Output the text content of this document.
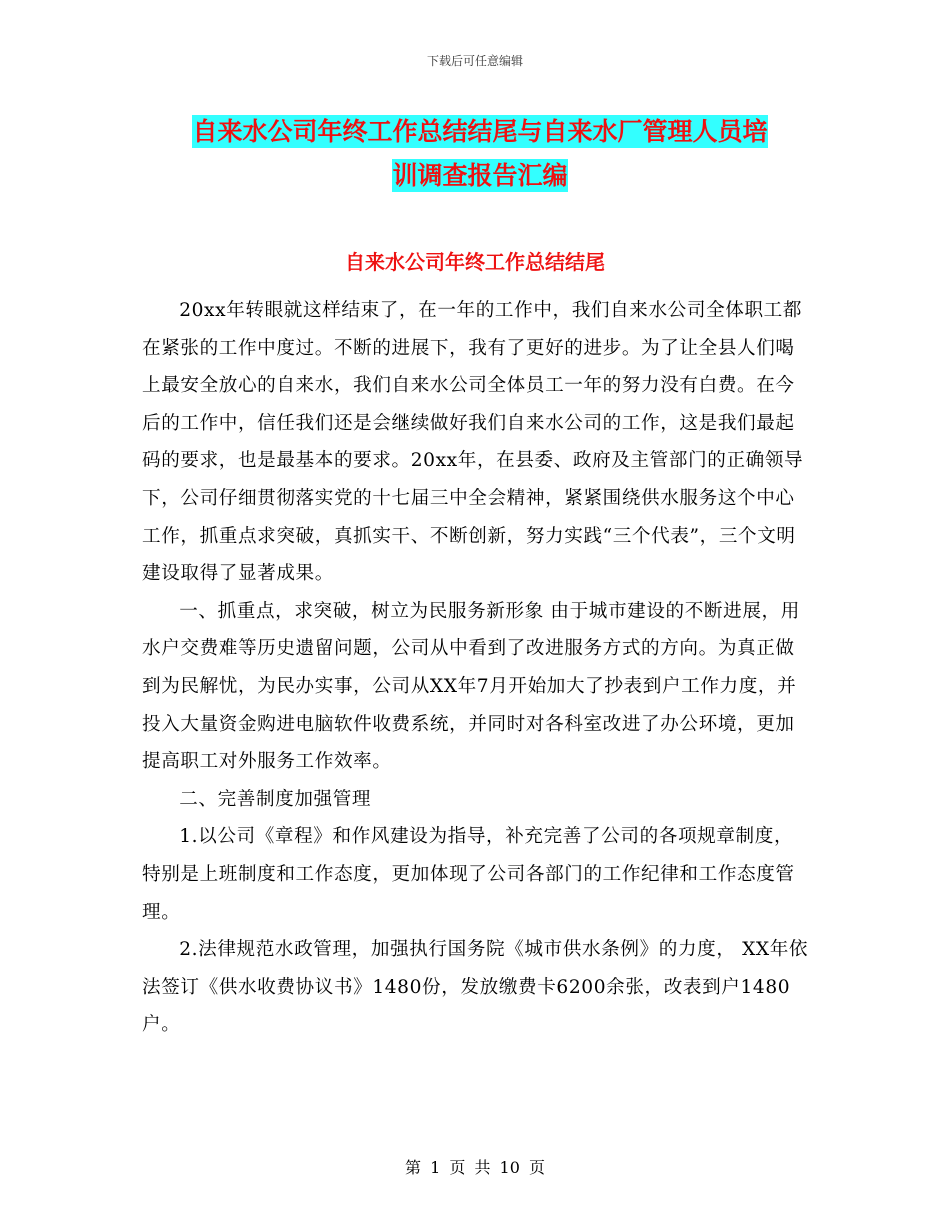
下载后可任意编辑
自来水公司年终工作总结结尾与自来水厂管理人员培
训调查报告汇编
自来水公司年终工作总结结尾

20xx年转眼就这样结束了，在一年的工作中，我们自来水公司全体职工都在紧张的工作中度过。不断的进展下，我有了更好的进步。为了让全县人们喝上最安全放心的自来水，我们自来水公司全体员工一年的努力没有白费。在今后的工作中，信任我们还是会继续做好我们自来水公司的工作，这是我们最起码的要求，也是最基本的要求。20xx年，在县委、政府及主管部门的正确领导下，公司仔细贯彻落实党的十七届三中全会精神，紧紧围绕供水服务这个中心工作，抓重点求突破，真抓实干、不断创新，努力实践“三个代表”，三个文明建设取得了显著成果。

一、抓重点，求突破，树立为民服务新形象 由于城市建设的不断进展，用水户交费难等历史遗留问题，公司从中看到了改进服务方式的方向。为真正做到为民解忧，为民办实事，公司从XX年7月开始加大了抄表到户工作力度，并投入大量资金购进电脑软件收费系统，并同时对各科室改进了办公环境，更加提高职工对外服务工作效率。

二、完善制度加强管理

1.以公司《章程》和作风建设为指导，补充完善了公司的各项规章制度，特别是上班制度和工作态度，更加体现了公司各部门的工作纪律和工作态度管理。

2.法律规范水政管理，加强执行国务院《城市供水条例》的力度， XX年依法签订《供水收费协议书》1480份，发放缴费卡6200余张，改表到户1480户。

第 1 页 共 10 页
